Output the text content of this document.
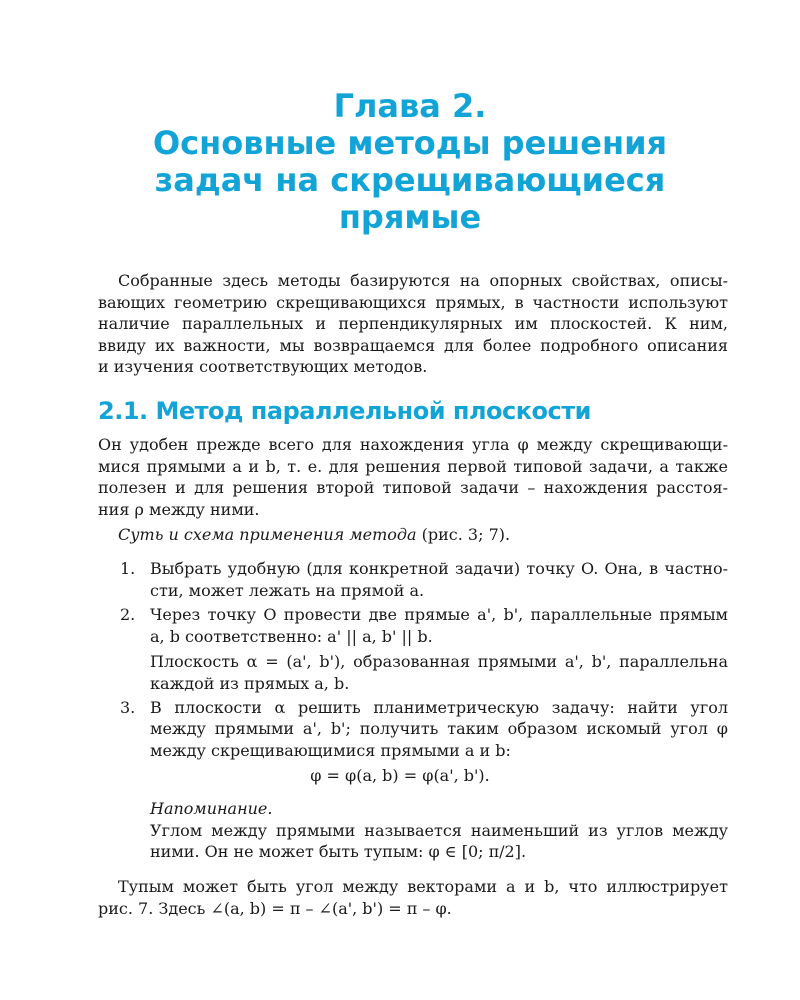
Глава 2.
Основные методы решения
задач на скрещивающиеся
прямые
Собранные здесь методы базируются на опорных свойствах, описы-
вающих геометрию скрещивающихся прямых, в частности используют
наличие параллельных и перпендикулярных им плоскостей. К ним,
ввиду их важности, мы возвращаемся для более подробного описания
и изучения соответствующих методов.
2.1. Метод параллельной плоскости
Он удобен прежде всего для нахождения угла φ между скрещивающи-
мися прямыми a и b, т. е. для решения первой типовой задачи, а также
полезен и для решения второй типовой задачи – нахождения расстоя-
ния ρ между ними.
Суть и схема применения метода (рис. 3; 7).
1. Выбрать удобную (для конкретной задачи) точку O. Она, в частно-
сти, может лежать на прямой a.
2. Через точку O провести две прямые a', b', параллельные прямым
a, b соответственно: a' || a, b' || b.
Плоскость α = (a', b'), образованная прямыми a', b', параллельна
каждой из прямых a, b.
3. В плоскости α решить планиметрическую задачу: найти угол
между прямыми a', b'; получить таким образом искомый угол φ
между скрещивающимися прямыми a и b:
φ = φ(a, b) = φ(a', b').
Напоминание.
Углом между прямыми называется наименьший из углов между
ними. Он не может быть тупым: φ ∈ [0; π/2].
Тупым может быть угол между векторами a и b, что иллюстрирует
рис. 7. Здесь ∠(a, b) = π – ∠(a', b') = π – φ.
